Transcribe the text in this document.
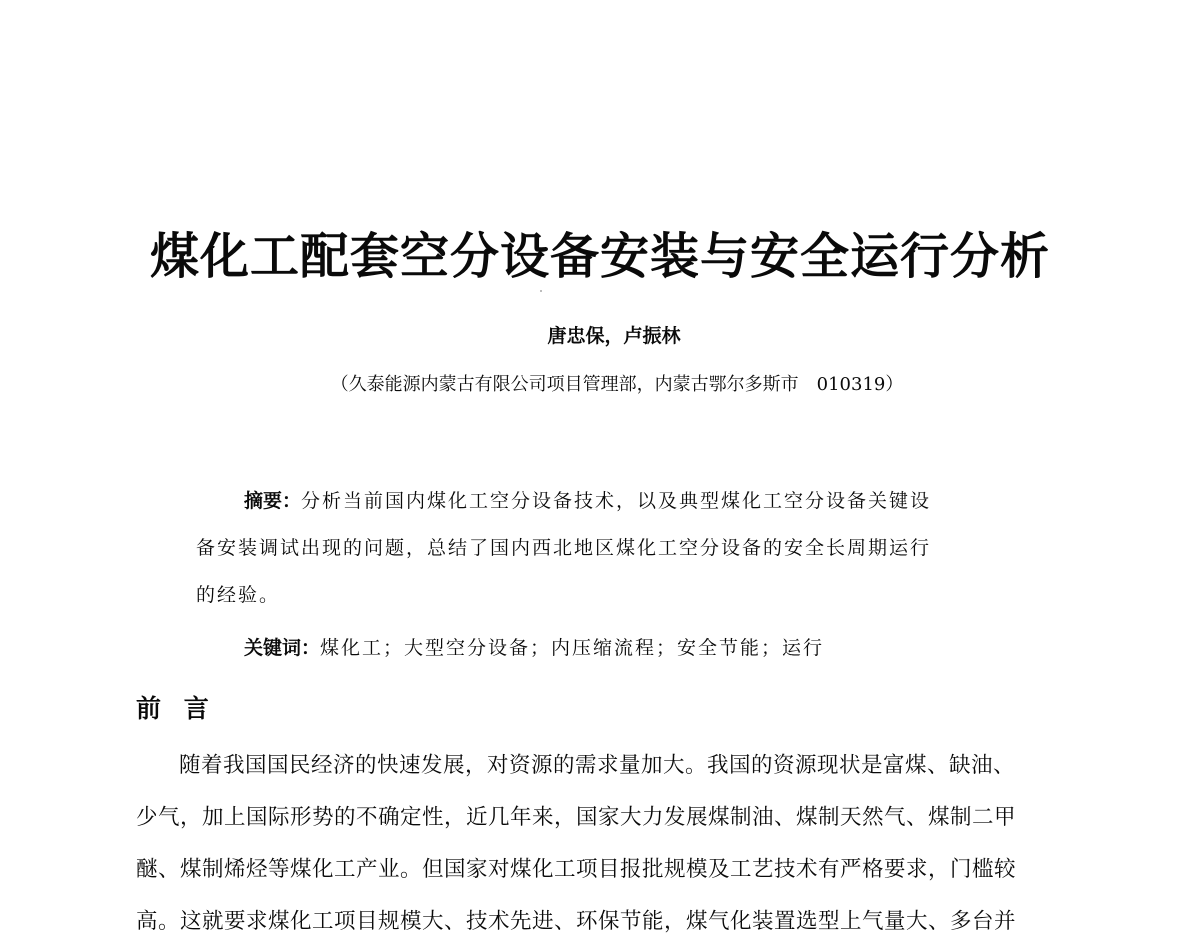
煤化工配套空分设备安装与安全运行分析
唐忠保，卢振林
（久泰能源内蒙古有限公司项目管理部，内蒙古鄂尔多斯市　010319）
摘要：分析当前国内煤化工空分设备技术，以及典型煤化工空分设备关键设
备安装调试出现的问题，总结了国内西北地区煤化工空分设备的安全长周期运行
的经验。
关键词：煤化工；大型空分设备；内压缩流程；安全节能；运行
前 言
随着我国国民经济的快速发展，对资源的需求量加大。我国的资源现状是富煤、缺油、
少气，加上国际形势的不确定性，近几年来，国家大力发展煤制油、煤制天然气、煤制二甲
醚、煤制烯烃等煤化工产业。但国家对煤化工项目报批规模及工艺技术有严格要求，门槛较
高。这就要求煤化工项目规模大、技术先进、环保节能，煤气化装置选型上气量大、多台并
